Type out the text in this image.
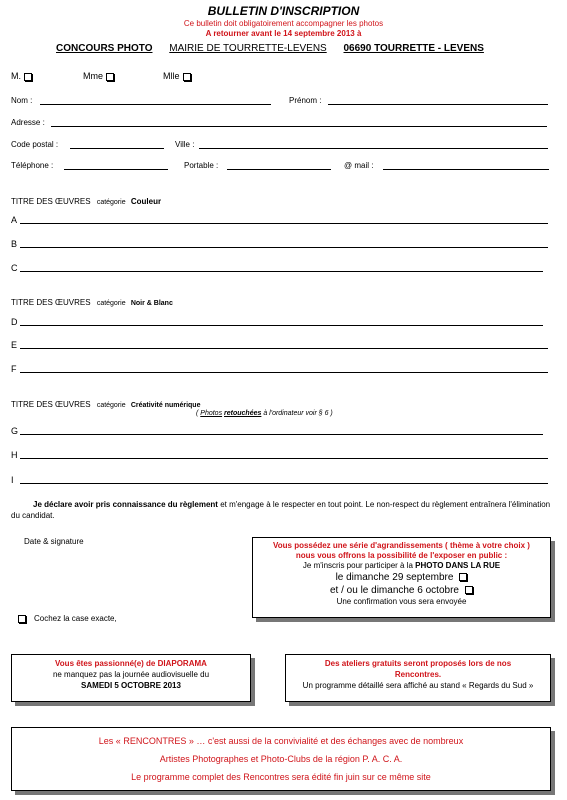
BULLETIN D'INSCRIPTION
Ce bulletin doit obligatoirement accompagner les photos
A retourner avant le 14 septembre 2013 à
CONCOURS PHOTO MAIRIE DE TOURRETTE-LEVENS 06690 TOURRETTE - LEVENS
M.	Mme	Mlle
Nom :	Prénom :
Adresse :
Code postal :	Ville :
Téléphone :	Portable :	@ mail :
TITRE DES ŒUVRES catégorie Couleur
A
B
C
TITRE DES ŒUVRES catégorie Noir & Blanc
D
E
F
TITRE DES ŒUVRES catégorie Créativité numérique
( Photos retouchées à l'ordinateur voir § 6 )
G
H
I
Je déclare avoir pris connaissance du règlement et m'engage à le respecter en tout point. Le non-respect du règlement entraînera l'élimination du candidat.
Date & signature	Vous possédez une série d'agrandissements ( thème à votre choix )
nous vous offrons la possibilité de l'exposer en public :
Je m'inscris pour participer à la PHOTO DANS LA RUE
le dimanche 29 septembre
et / ou le dimanche 6 octobre
Une confirmation vous sera envoyée
Cochez la case exacte,
Vous êtes passionné(e) de DIAPORAMA
ne manquez pas la journée audiovisuelle du
SAMEDI 5 OCTOBRE 2013
Des ateliers gratuits seront proposés lors de nos
Rencontres.
Un programme détaillé sera affiché au stand « Regards du Sud »
Les « RENCONTRES » … c'est aussi de la convivialité et des échanges avec de nombreux
Artistes Photographes et Photo-Clubs de la région P. A. C. A.
Le programme complet des Rencontres sera édité fin juin sur ce même site
